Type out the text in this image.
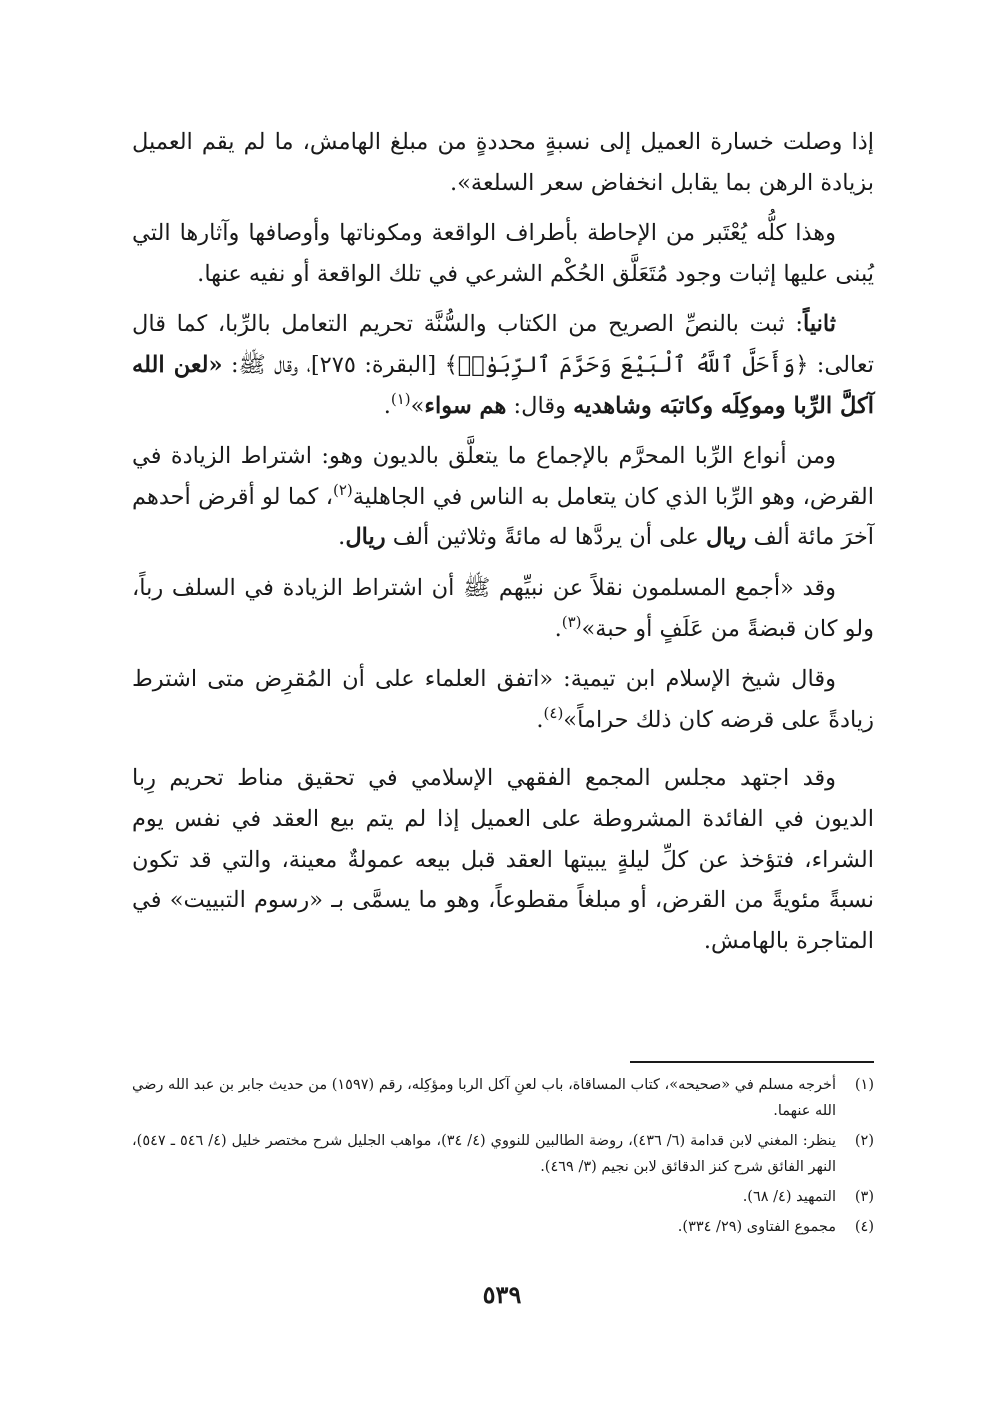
إذا وصلت خسارة العميل إلى نسبةٍ محددةٍ من مبلغ الهامش، ما لم يقم العميل بزيادة الرهن بما يقابل انخفاض سعر السلعة».

وهذا كلُّه يُعْتَبر من الإحاطة بأطراف الواقعة ومكوناتها وأوصافها وآثارها التي يُبنى عليها إثبات وجود مُتَعَلَّق الحُكْم الشرعي في تلك الواقعة أو نفيه عنها.

ثانياً: ثبت بالنصِّ الصريح من الكتاب والسُّنَّة تحريم التعامل بالرِّبا، كما قال تعالى: ﴿وَأَحَلَّ ٱللَّهُ ٱلْبَيْعَ وَحَرَّمَ ٱلرِّبَوٰا۟﴾ [البقرة: ٢٧٥]، وقال ﷺ: «لعن الله آكلَّ الرِّبا وموكِلَه وكاتبَه وشاهديه وقال: هم سواء»$^{(١)}$.

ومن أنواع الرِّبا المحرَّم بالإجماع ما يتعلَّق بالديون وهو: اشتراط الزيادة في القرض، وهو الرِّبا الذي كان يتعامل به الناس في الجاهلية$^{(٢)}$، كما لو أقرض أحدهم آخرَ مائة ألف ريال على أن يردَّها له مائةً وثلاثين ألف ريال.

وقد «أجمع المسلمون نقلاً عن نبيِّهم ﷺ أن اشتراط الزيادة في السلف رباً، ولو كان قبضةً من عَلَفٍ أو حبة»$^{(٣)}$.

وقال شيخ الإسلام ابن تيمية: «اتفق العلماء على أن المُقرِض متى اشترط زيادةً على قرضه كان ذلك حراماً»$^{(٤)}$.

وقد اجتهد مجلس المجمع الفقهي الإسلامي في تحقيق مناط تحريم رِبا الديون في الفائدة المشروطة على العميل إذا لم يتم بيع العقد في نفس يوم الشراء، فتؤخذ عن كلِّ ليلةٍ يبيتها العقد قبل بيعه عمولةٌ معينة، والتي قد تكون نسبةً مئويةً من القرض، أو مبلغاً مقطوعاً، وهو ما يسمَّى بـ «رسوم التبييت» في المتاجرة بالهامش.

(١)
أخرجه مسلم في «صحيحه»، كتاب المساقاة، باب لعنِ آكل الربا ومؤكِله، رقم (١٥٩٧) من حديث جابر بن عبد الله رضي الله عنهما.
(٢)
ينظر: المغني لابن قدامة (٦/ ٤٣٦)، روضة الطالبين للنووي (٤/ ٣٤)، مواهب الجليل شرح مختصر خليل (٤/ ٥٤٦ ـ ٥٤٧)، النهر الفائق شرح كنز الدقائق لابن نجيم (٣/ ٤٦٩).
(٣)
التمهيد (٤/ ٦٨).
(٤)
مجموع الفتاوى (٢٩/ ٣٣٤).
٥٣٩
